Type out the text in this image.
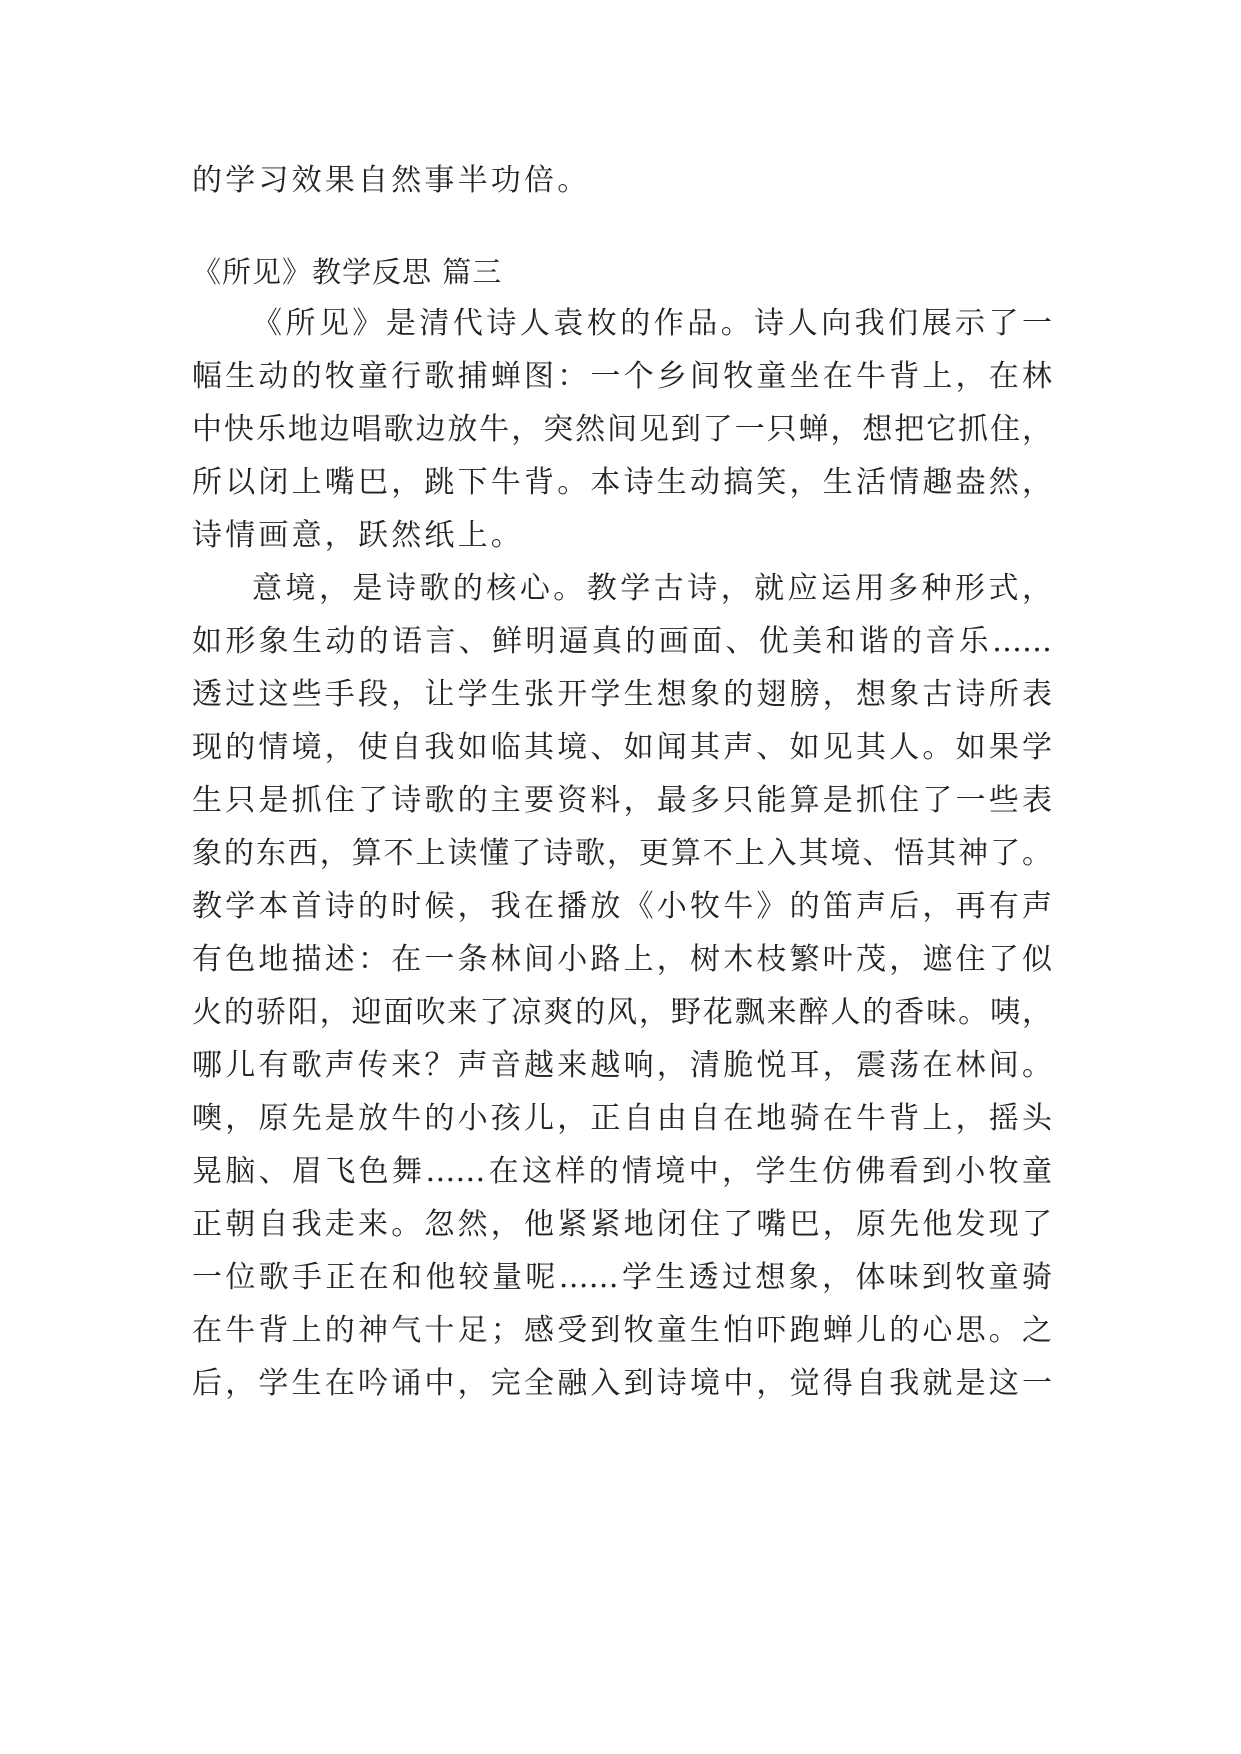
的学习效果自然事半功倍。
《所见》教学反思 篇三
《所见》是清代诗人袁枚的作品。诗人向我们展示了一
幅生动的牧童行歌捕蝉图：一个乡间牧童坐在牛背上，在林
中快乐地边唱歌边放牛，突然间见到了一只蝉，想把它抓住，
所以闭上嘴巴，跳下牛背。本诗生动搞笑，生活情趣盎然，
诗情画意，跃然纸上。
意境，是诗歌的核心。教学古诗，就应运用多种形式，
如形象生动的语言、鲜明逼真的画面、优美和谐的音乐……
透过这些手段，让学生张开学生想象的翅膀，想象古诗所表
现的情境，使自我如临其境、如闻其声、如见其人。如果学
生只是抓住了诗歌的主要资料，最多只能算是抓住了一些表
象的东西，算不上读懂了诗歌，更算不上入其境、悟其神了。
教学本首诗的时候，我在播放《小牧牛》的笛声后，再有声
有色地描述：在一条林间小路上，树木枝繁叶茂，遮住了似
火的骄阳，迎面吹来了凉爽的风，野花飘来醉人的香味。咦，
哪儿有歌声传来？声音越来越响，清脆悦耳，震荡在林间。
噢，原先是放牛的小孩儿，正自由自在地骑在牛背上，摇头
晃脑、眉飞色舞……在这样的情境中，学生仿佛看到小牧童
正朝自我走来。忽然，他紧紧地闭住了嘴巴，原先他发现了
一位歌手正在和他较量呢……学生透过想象，体味到牧童骑
在牛背上的神气十足；感受到牧童生怕吓跑蝉儿的心思。之
后，学生在吟诵中，完全融入到诗境中，觉得自我就是这一
